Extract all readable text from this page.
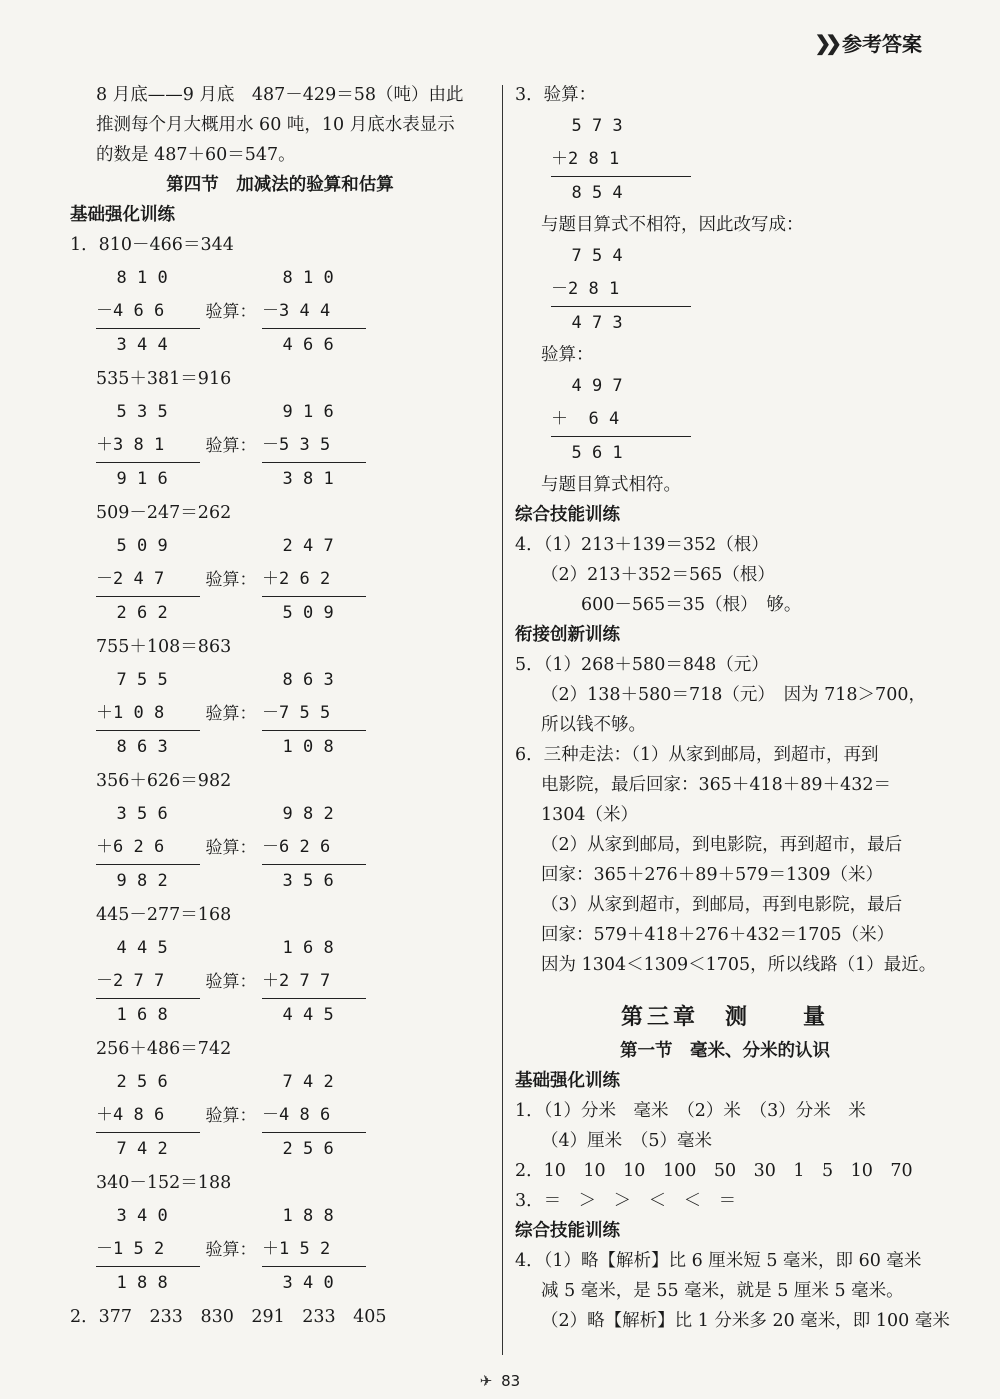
❯❯ 参考答案
8 月底——9 月底　487－429＝58（吨）由此
推测每个月大概用水 60 吨，10 月底水表显示
的数是 487＋60＝547。
第四节　加减法的验算和估算
基础强化训练
1．810－466＝344
8 1 0
－4 6 6
3 4 4
验算：
8 1 0
－3 4 4
4 6 6
535＋381＝916
5 3 5
＋3 8 1
9 1 6
验算：
9 1 6
－5 3 5
3 8 1
509－247＝262
5 0 9
－2 4 7
2 6 2
验算：
2 4 7
＋2 6 2
5 0 9
755＋108＝863
7 5 5
＋1 0 8
8 6 3
验算：
8 6 3
－7 5 5
1 0 8
356＋626＝982
3 5 6
＋6 2 6
9 8 2
验算：
9 8 2
－6 2 6
3 5 6
445－277＝168
4 4 5
－2 7 7
1 6 8
验算：
1 6 8
＋2 7 7
4 4 5
256＋486＝742
2 5 6
＋4 8 6
7 4 2
验算：
7 4 2
－4 8 6
2 5 6
340－152＝188
3 4 0
－1 5 2
1 8 8
验算：
1 8 8
＋1 5 2
3 4 0
2．377　233　830　291　233　405
3．验算：
5 7 3
＋2 8 1
8 5 4
与题目算式不相符，因此改写成：
7 5 4
－2 8 1
4 7 3
验算：
4 9 7
＋  6 4
5 6 1
与题目算式相符。
综合技能训练
4．（1）213＋139＝352（根）
（2）213＋352＝565（根）
600－565＝35（根）　够。
衔接创新训练
5．（1）268＋580＝848（元）
（2）138＋580＝718（元）　因为 718＞700，
所以钱不够。
6．三种走法：（1）从家到邮局，到超市，再到
电影院，最后回家：365＋418＋89＋432＝
1304（米）
（2）从家到邮局，到电影院，再到超市，最后
回家：365＋276＋89＋579＝1309（米）
（3）从家到超市，到邮局，再到电影院，最后
回家：579＋418＋276＋432＝1705（米）
因为 1304＜1309＜1705，所以线路（1）最近。
第三章　测　　量
第一节　毫米、分米的认识
基础强化训练
1．（1）分米　毫米　（2）米　（3）分米　米
（4）厘米　（5）毫米
2．10　10　10　100　50　30　1　5　10　70
3．＝　＞　＞　＜　＜　＝
综合技能训练
4．（1）略【解析】比 6 厘米短 5 毫米，即 60 毫米
减 5 毫米，是 55 毫米，就是 5 厘米 5 毫米。
（2）略【解析】比 1 分米多 20 毫米，即 100 毫米
✈ 83
